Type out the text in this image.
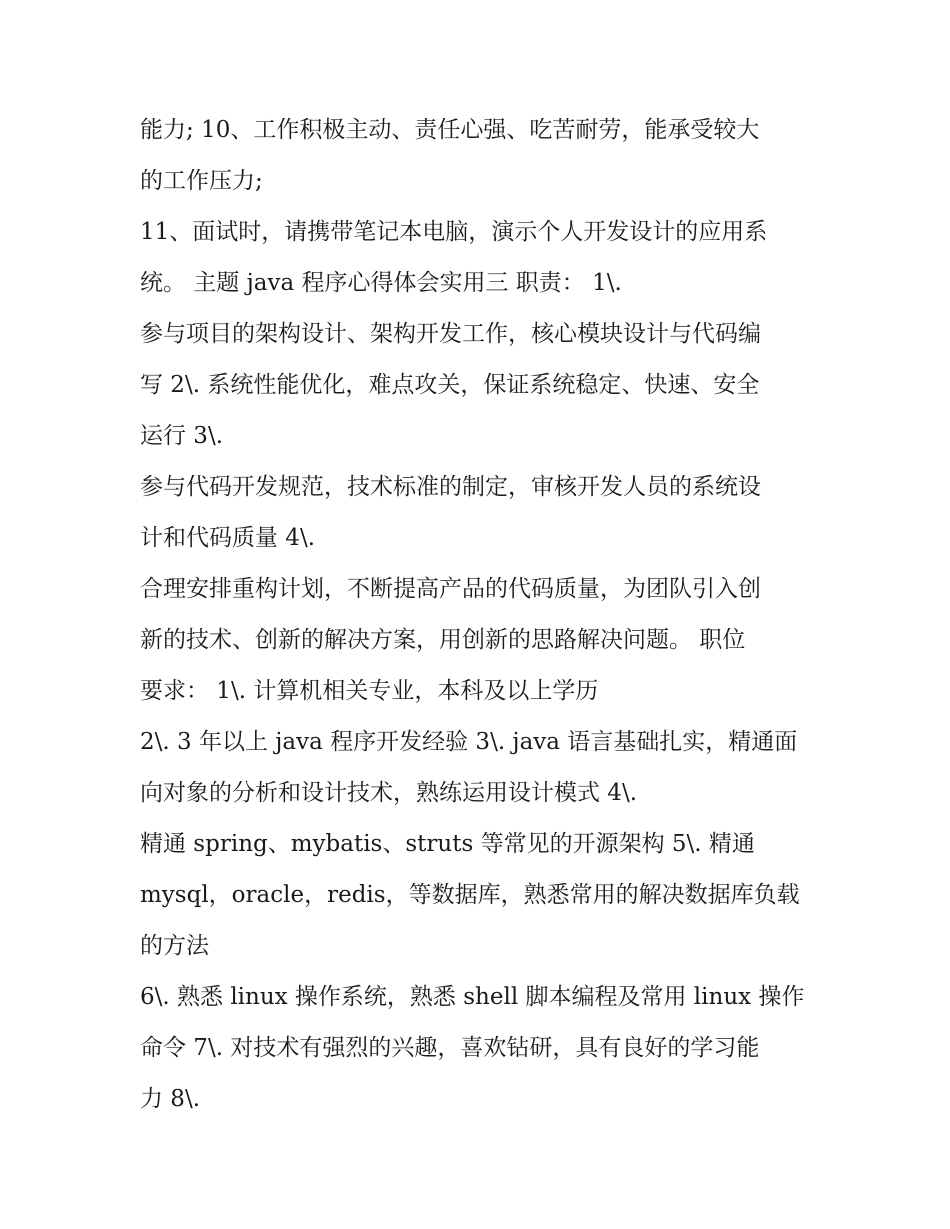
能力; 10、工作积极主动、责任心强、吃苦耐劳，能承受较大
的工作压力;
11、面试时，请携带笔记本电脑，演示个人开发设计的应用系
统。 主题 java 程序心得体会实用三 职责： 1\.
参与项目的架构设计、架构开发工作，核心模块设计与代码编
写 2\. 系统性能优化，难点攻关，保证系统稳定、快速、安全
运行 3\.
参与代码开发规范，技术标准的制定，审核开发人员的系统设
计和代码质量 4\.
合理安排重构计划，不断提高产品的代码质量，为团队引入创
新的技术、创新的解决方案，用创新的思路解决问题。 职位
要求： 1\. 计算机相关专业，本科及以上学历
2\. 3 年以上 java 程序开发经验 3\. java 语言基础扎实，精通面
向对象的分析和设计技术，熟练运用设计模式 4\.
精通 spring、mybatis、struts 等常见的开源架构 5\. 精通
mysql，oracle，redis，等数据库，熟悉常用的解决数据库负载
的方法
6\. 熟悉 linux 操作系统，熟悉 shell 脚本编程及常用 linux 操作
命令 7\. 对技术有强烈的兴趣，喜欢钻研，具有良好的学习能
力 8\.
